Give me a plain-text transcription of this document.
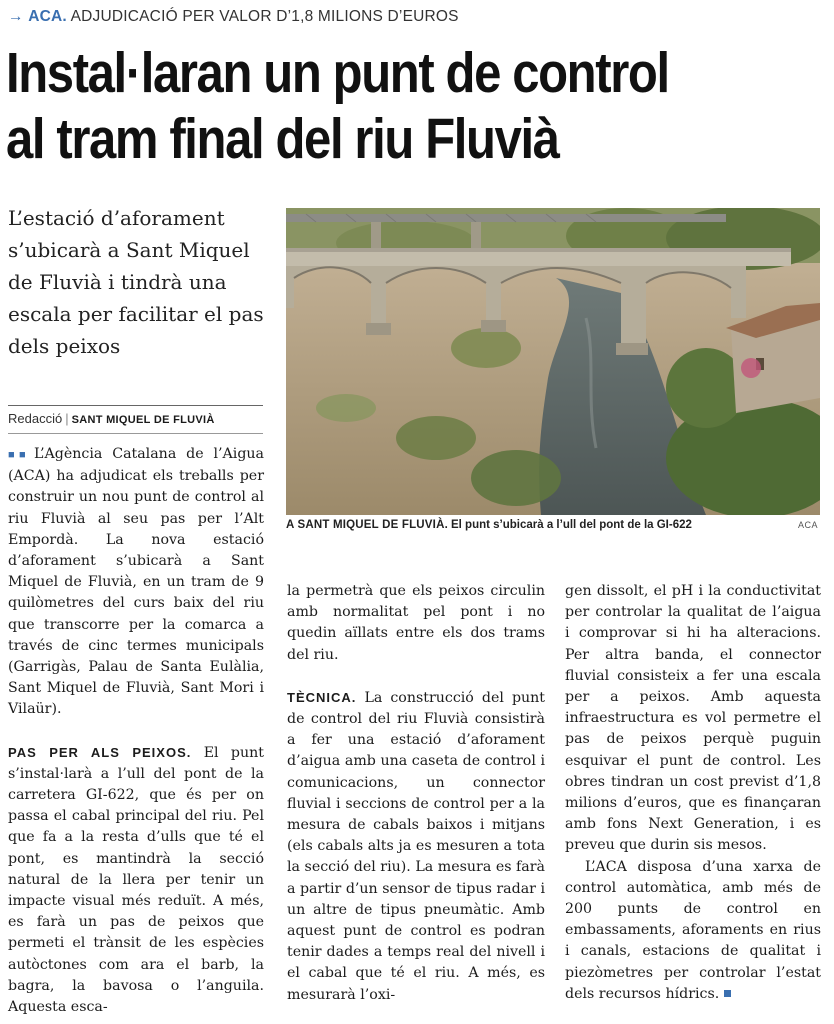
→ ACA. ADJUDICACIÓ PER VALOR D’1,8 MILIONS D’EUROS
Instal·laran un punt de control
al tram final del riu Fluvià
L’estació d’aforament
s’ubicarà a Sant Miquel
de Fluvià i tindrà una
escala per facilitar el pas
dels peixos
Redacció | SANT MIQUEL DE FLUVIÀ
A SANT MIQUEL DE FLUVIÀ. El punt s’ubicarà a l’ull del pont de la GI-622	ACA

■■ L’Agència Catalana de l’Aigua (ACA) ha adjudicat els treballs per construir un nou punt de control al riu Fluvià al seu pas per l’Alt Empordà. La nova estació d’aforament s’ubicarà a Sant Miquel de Fluvià, en un tram de 9 quilòmetres del curs baix del riu que transcorre per la comarca a través de cinc termes municipals (Garrigàs, Palau de Santa Eulàlia, Sant Miquel de Fluvià, Sant Mori i Vilaür).

PAS PER ALS PEIXOS. El punt s’instal·larà a l’ull del pont de la carretera GI-622, que és per on passa el cabal principal del riu. Pel que fa a la resta d’ulls que té el pont, es mantindrà la secció natural de la llera per tenir un impacte visual més reduït. A més, es farà un pas de peixos que permeti el trànsit de les espècies autòctones com ara el barb, la bagra, la bavosa o l’anguila. Aquesta esca-

la permetrà que els peixos circulin amb normalitat pel pont i no quedin aïllats entre els dos trams del riu.

TÈCNICA. La construcció del punt de control del riu Fluvià consistirà a fer una estació d’aforament d’aigua amb una caseta de control i comunicacions, un connector fluvial i seccions de control per a la mesura de cabals baixos i mitjans (els cabals alts ja es mesuren a tota la secció del riu). La mesura es farà a partir d’un sensor de tipus radar i un altre de tipus pneumàtic. Amb aquest punt de control es podran tenir dades a temps real del nivell i el cabal que té el riu. A més, es mesurarà l’oxi-

gen dissolt, el pH i la conductivitat per controlar la qualitat de l’aigua i comprovar si hi ha alteracions. Per altra banda, el connector fluvial consisteix a fer una escala per a peixos. Amb aquesta infraestructura es vol permetre el pas de peixos perquè puguin esquivar el punt de control. Les obres tindran un cost previst d’1,8 milions d’euros, que es finançaran amb fons Next Generation, i es preveu que durin sis mesos.

L’ACA disposa d’una xarxa de control automàtica, amb més de 200 punts de control en embassaments, aforaments en rius i canals, estacions de qualitat i piezòmetres per controlar l’estat dels recursos hídrics.
